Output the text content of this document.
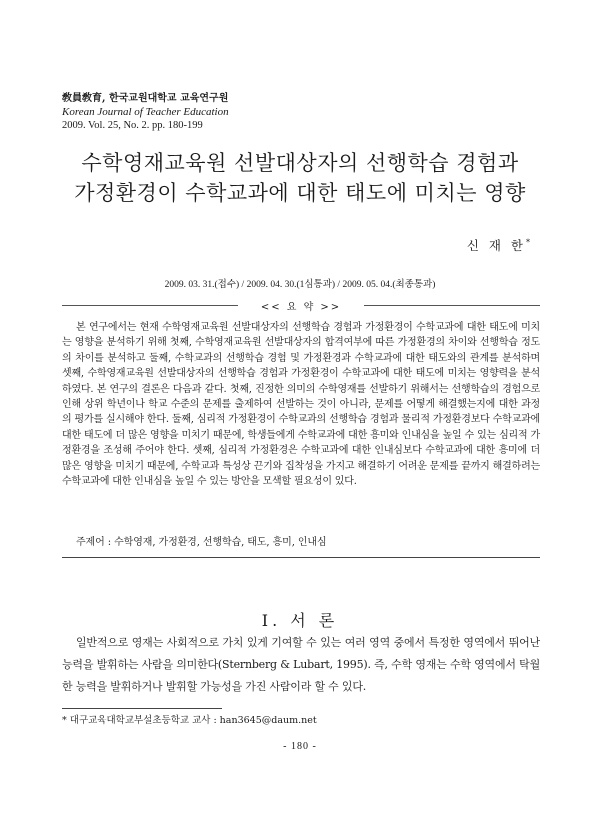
敎員敎育, 한국교원대학교 교육연구원
Korean Journal of Teacher Education
2009. Vol. 25, No. 2. pp. 180-199
수학영재교육원 선발대상자의 선행학습 경험과
가정환경이 수학교과에 대한 태도에 미치는 영향
신 재 한*
2009. 03. 31.(접수) / 2009. 04. 30.(1심통과) / 2009. 05. 04.(최종통과)
<< 요 약 >>
본 연구에서는 현재 수학영재교육원 선발대상자의 선행학습 경험과 가정환경이 수학교과에 대한 태도에 미치는 영향을 분석하기 위해 첫째, 수학영재교육원 선발대상자의 합격여부에 따른 가정환경의 차이와 선행학습 정도의 차이를 분석하고 둘째, 수학교과의 선행학습 경험 및 가정환경과 수학교과에 대한 태도와의 관계를 분석하며 셋째, 수학영재교육원 선발대상자의 선행학습 경험과 가정환경이 수학교과에 대한 태도에 미치는 영향력을 분석하였다. 본 연구의 결론은 다음과 같다. 첫째, 진정한 의미의 수학영재를 선발하기 위해서는 선행학습의 경험으로 인해 상위 학년이나 학교 수준의 문제를 출제하여 선발하는 것이 아니라, 문제를 어떻게 해결했는지에 대한 과정의 평가를 실시해야 한다. 둘째, 심리적 가정환경이 수학교과의 선행학습 경험과 물리적 가정환경보다 수학교과에 대한 태도에 더 많은 영향을 미치기 때문에, 학생들에게 수학교과에 대한 흥미와 인내심을 높일 수 있는 심리적 가정환경을 조성해 주어야 한다. 셋째, 심리적 가정환경은 수학교과에 대한 인내심보다 수학교과에 대한 흥미에 더 많은 영향을 미치기 때문에, 수학교과 특성상 끈기와 집착성을 가지고 해결하기 어려운 문제를 끝까지 해결하려는 수학교과에 대한 인내심을 높일 수 있는 방안을 모색할 필요성이 있다.
주제어 : 수학영재, 가정환경, 선행학습, 태도, 흥미, 인내심
I. 서 론
일반적으로 영재는 사회적으로 가치 있게 기여할 수 있는 여러 영역 중에서 특정한 영역에서 뛰어난 능력을 발휘하는 사람을 의미한다(Sternberg & Lubart, 1995). 즉, 수학 영재는 수학 영역에서 탁월한 능력을 발휘하거나 발휘할 가능성을 가진 사람이라 할 수 있다.
* 대구교육대학교부설초등학교 교사 : han3645@daum.net
- 180 -
